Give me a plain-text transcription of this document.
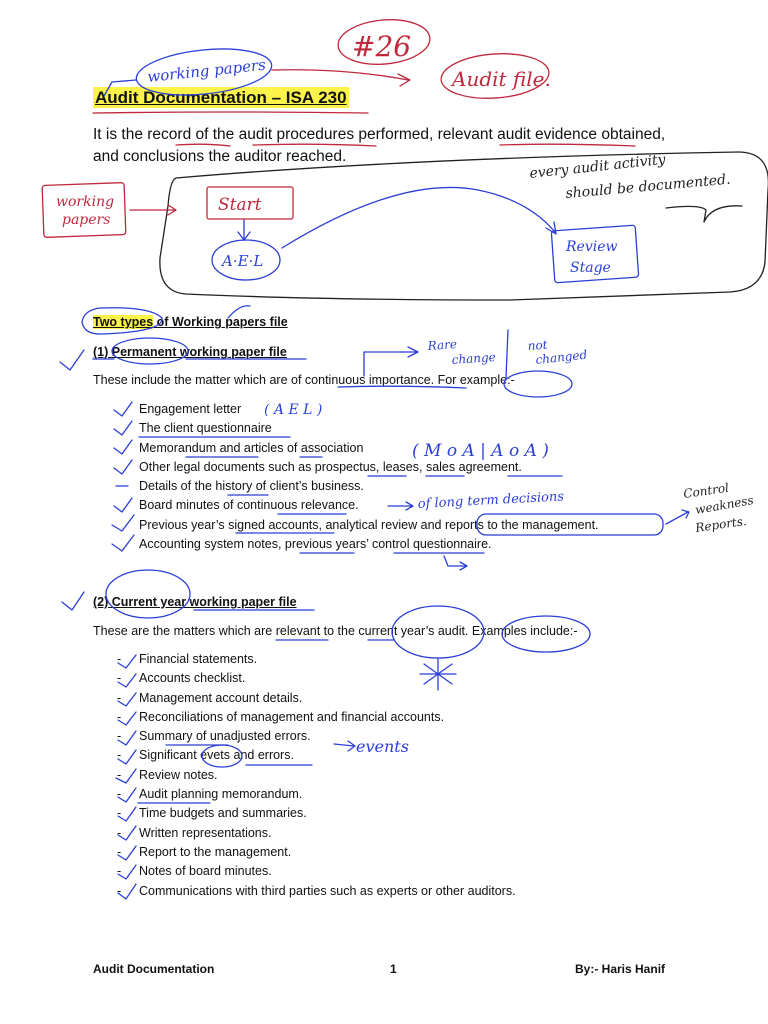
Audit Documentation – ISA 230
It is the record of the audit procedures performed, relevant audit evidence obtained, and conclusions the auditor reached.
Two types of Working papers file
(1) Permanent working paper file
These include the matter which are of continuous importance. For example:-
Engagement letter
The client questionnaire
Memorandum and articles of association
Other legal documents such as prospectus, leases, sales agreement.
Details of the history of client’s business.
Board minutes of continuous relevance.
Previous year’s signed accounts, analytical review and reports to the management.
Accounting system notes, previous years’ control questionnaire.
(2) Current year working paper file
These are the matters which are relevant to the current year’s audit. Examples include:-
- Financial statements.
- Accounts checklist.
- Management account details.
- Reconciliations of management and financial accounts.
- Summary of unadjusted errors.
- Significant evets and errors.
- Review notes.
- Audit planning memorandum.
- Time budgets and summaries.
- Written representations.
- Report to the management.
- Notes of board minutes.
- Communications with third parties such as experts or other auditors.
Audit Documentation	1	By:- Haris Hanif
working papers
#26
Audit file.
every audit activity
should be documented.
working
papers
Start
A·E·L
Review
Stage
Rare
change
not
changed
( A E L )
( M o A | A o A )
of long term decisions	Control
weakness
Reports.
events
